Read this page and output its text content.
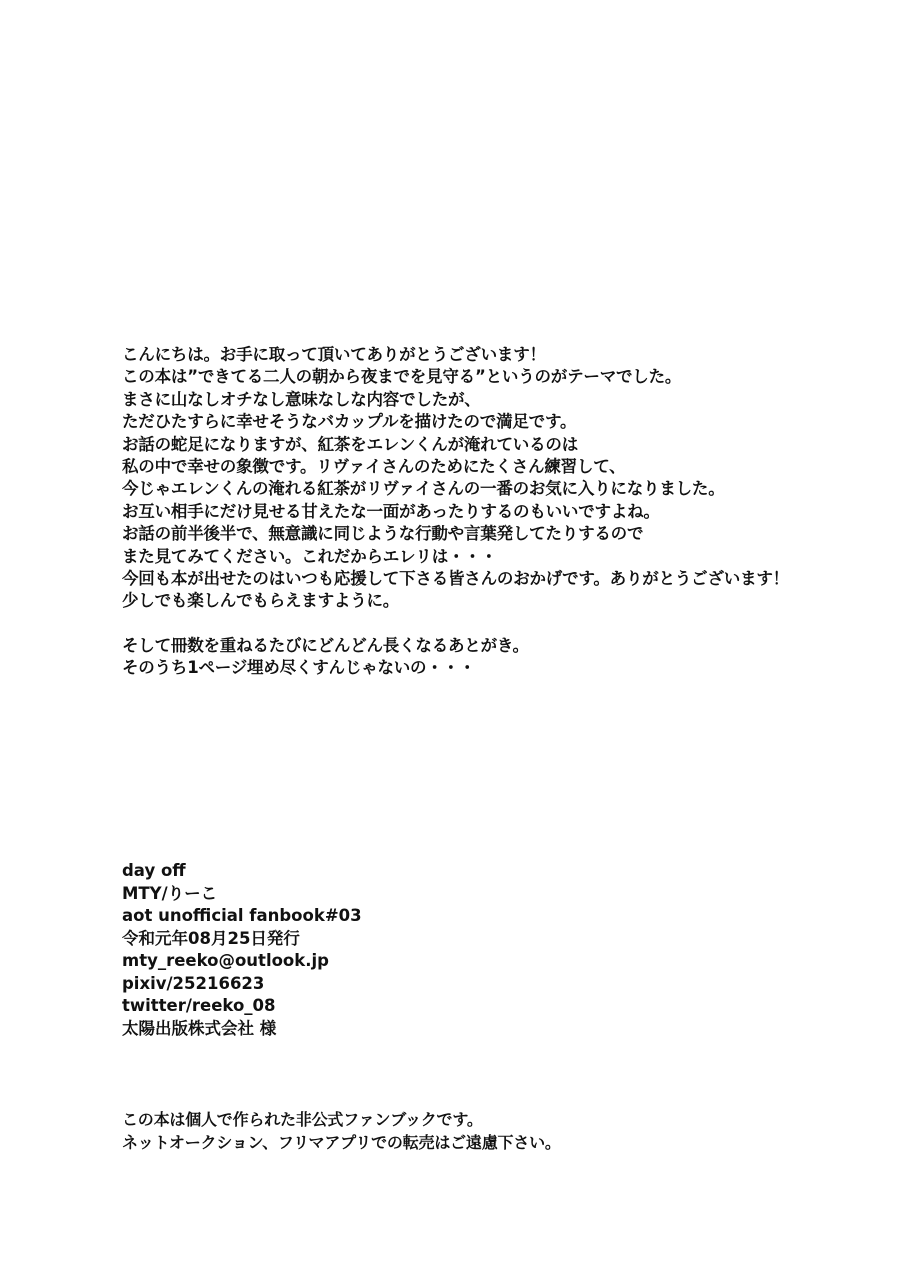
こんにちは。お手に取って頂いてありがとうございます！
この本は”できてる二人の朝から夜までを見守る”というのがテーマでした。
まさに山なしオチなし意味なしな内容でしたが、
ただひたすらに幸せそうなバカップルを描けたので満足です。
お話の蛇足になりますが、紅茶をエレンくんが淹れているのは
私の中で幸せの象徴です。リヴァイさんのためにたくさん練習して、
今じゃエレンくんの淹れる紅茶がリヴァイさんの一番のお気に入りになりました。
お互い相手にだけ見せる甘えたな一面があったりするのもいいですよね。
お話の前半後半で、無意識に同じような行動や言葉発してたりするので
また見てみてください。これだからエレリは・・・
今回も本が出せたのはいつも応援して下さる皆さんのおかげです。ありがとうございます！
少しでも楽しんでもらえますように。
そして冊数を重ねるたびにどんどん長くなるあとがき。
そのうち1ページ埋め尽くすんじゃないの・・・
day off
MTY/りーこ
aot unofficial fanbook#03
令和元年08月25日発行
mty_reeko@outlook.jp
pixiv/25216623
twitter/reeko_08
太陽出版株式会社 様
この本は個人で作られた非公式ファンブックです。
ネットオークション、フリマアプリでの転売はご遠慮下さい。
